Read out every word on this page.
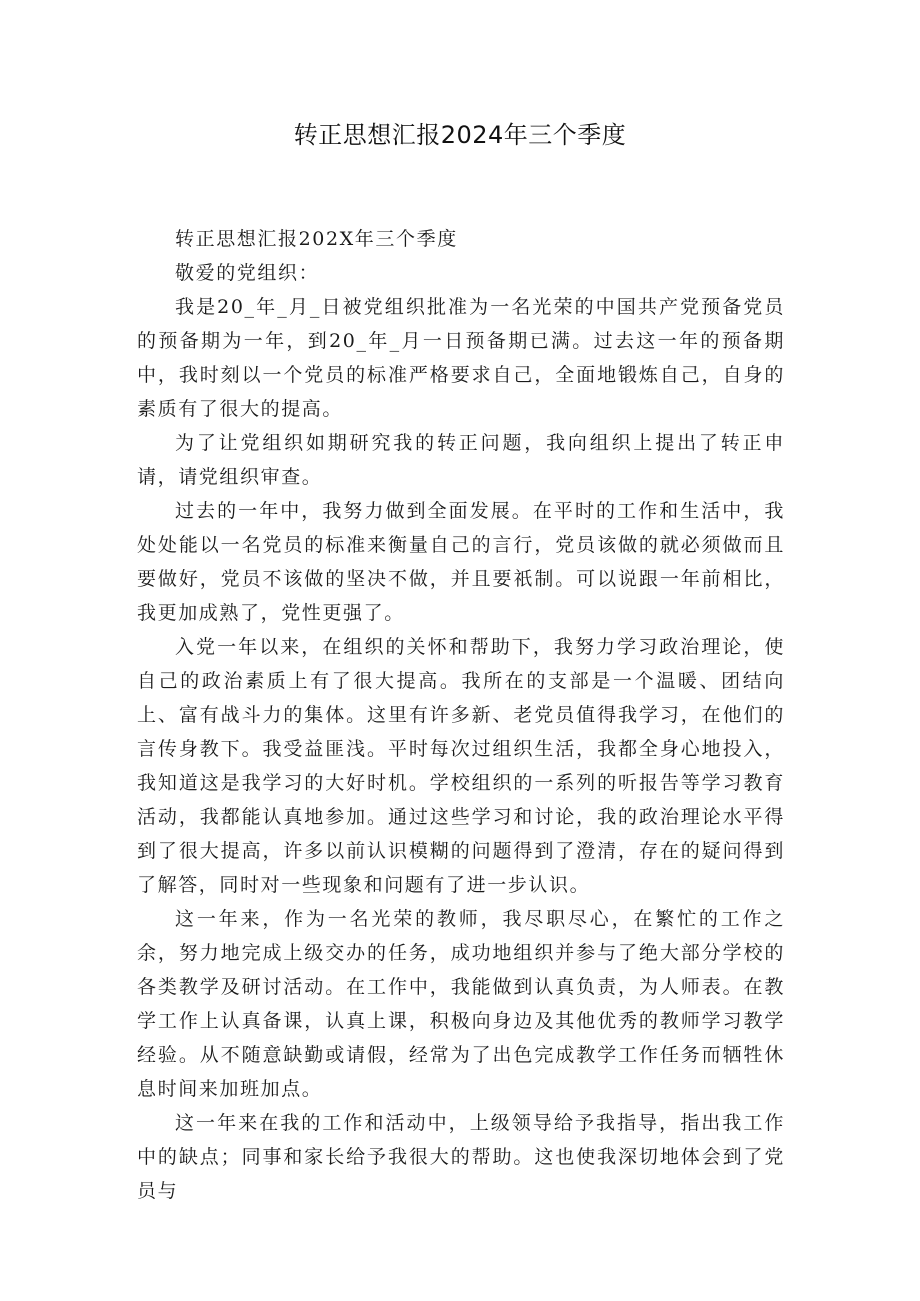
转正思想汇报2024年三个季度

转正思想汇报202X年三个季度

敬爱的党组织：

我是20_年_月_日被党组织批准为一名光荣的中国共产党预备党员的预备期为一年，到20_年_月一日预备期已满。过去这一年的预备期中，我时刻以一个党员的标准严格要求自己，全面地锻炼自己，自身的素质有了很大的提高。

为了让党组织如期研究我的转正问题，我向组织上提出了转正申请，请党组织审查。

过去的一年中，我努力做到全面发展。在平时的工作和生活中，我处处能以一名党员的标准来衡量自己的言行，党员该做的就必须做而且要做好，党员不该做的坚决不做，并且要祇制。可以说跟一年前相比，我更加成熟了，党性更强了。

入党一年以来，在组织的关怀和帮助下，我努力学习政治理论，使自己的政治素质上有了很大提高。我所在的支部是一个温暖、团结向上、富有战斗力的集体。这里有许多新、老党员值得我学习，在他们的言传身教下。我受益匪浅。平时每次过组织生活，我都全身心地投入，我知道这是我学习的大好时机。学校组织的一系列的听报告等学习教育活动，我都能认真地参加。通过这些学习和讨论，我的政治理论水平得到了很大提高，许多以前认识模糊的问题得到了澄清，存在的疑问得到了解答，同时对一些现象和问题有了进一步认识。

这一年来，作为一名光荣的教师，我尽职尽心，在繁忙的工作之余，努力地完成上级交办的任务，成功地组织并参与了绝大部分学校的各类教学及研讨活动。在工作中，我能做到认真负责，为人师表。在教学工作上认真备课，认真上课，积极向身边及其他优秀的教师学习教学经验。从不随意缺勤或请假，经常为了出色完成教学工作任务而牺牲休息时间来加班加点。

这一年来在我的工作和活动中，上级领导给予我指导，指出我工作中的缺点；同事和家长给予我很大的帮助。这也使我深切地体会到了党员与
